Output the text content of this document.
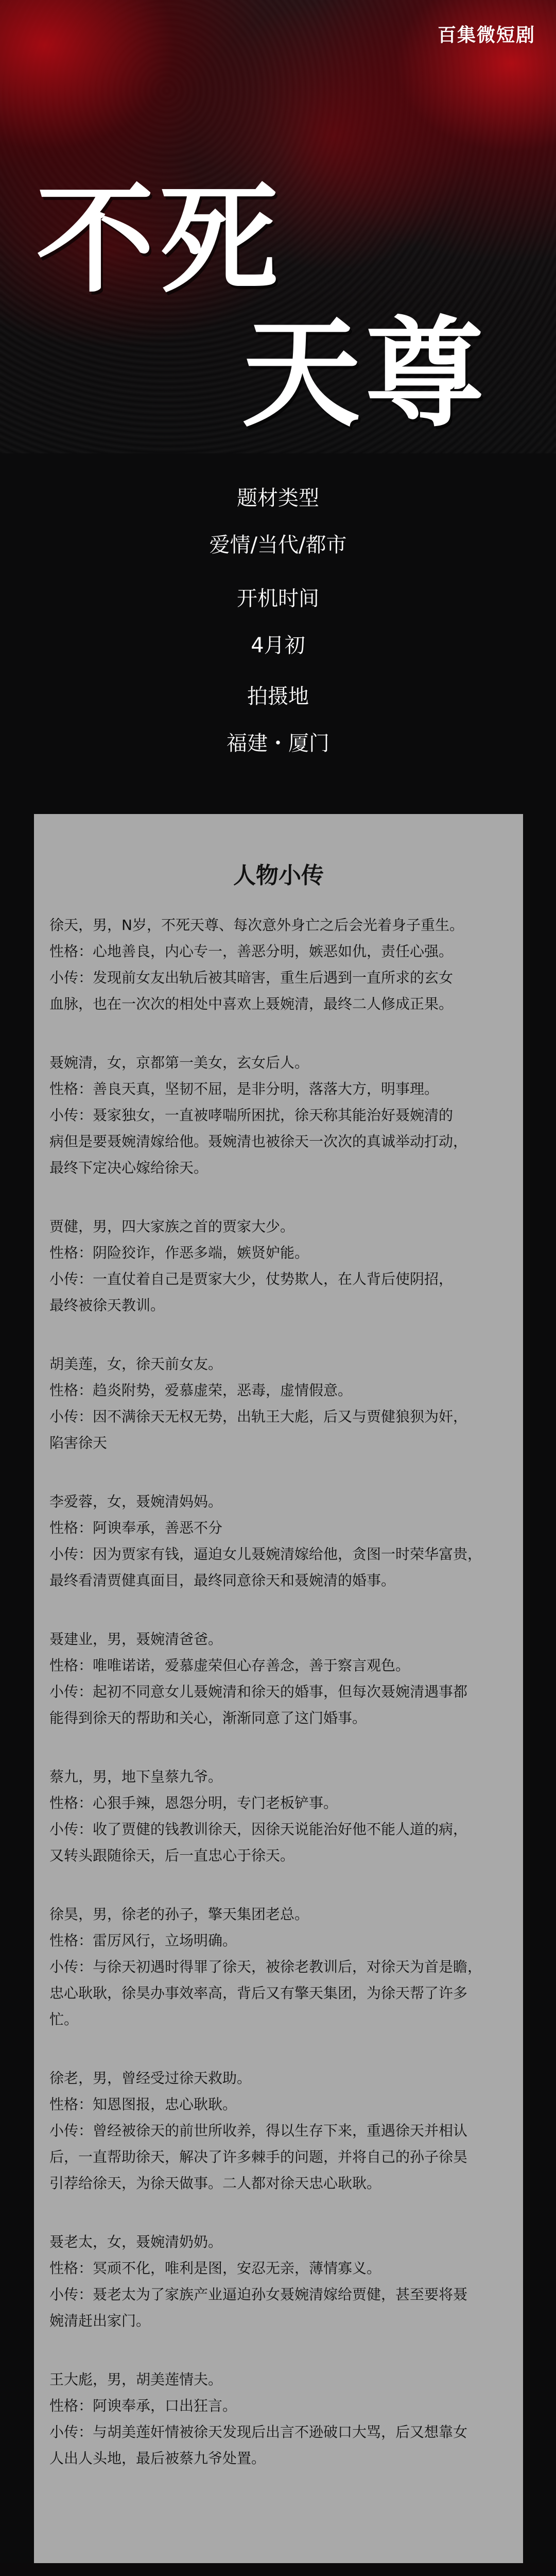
百集微短剧
不死
天尊
题材类型
爱情/当代/都市
开机时间
4月初
拍摄地
福建・厦门
人物小传
徐天，男，N岁，不死天尊、每次意外身亡之后会光着身子重生。
性格：心地善良，内心专一，善恶分明，嫉恶如仇，责任心强。
小传：发现前女友出轨后被其暗害，重生后遇到一直所求的玄女
血脉，也在一次次的相处中喜欢上聂婉清，最终二人修成正果。
聂婉清，女，京都第一美女，玄女后人。
性格：善良天真，坚韧不屈，是非分明，落落大方，明事理。
小传：聂家独女，一直被哮喘所困扰，徐天称其能治好聂婉清的
病但是要聂婉清嫁给他。聂婉清也被徐天一次次的真诚举动打动，
最终下定决心嫁给徐天。
贾健，男，四大家族之首的贾家大少。
性格：阴险狡诈，作恶多端，嫉贤妒能。
小传：一直仗着自己是贾家大少，仗势欺人，在人背后使阴招，
最终被徐天教训。
胡美莲，女，徐天前女友。
性格：趋炎附势，爱慕虚荣，恶毒，虚情假意。
小传：因不满徐天无权无势，出轨王大彪，后又与贾健狼狈为奸，
陷害徐天
李爱蓉，女，聂婉清妈妈。
性格：阿谀奉承，善恶不分
小传：因为贾家有钱，逼迫女儿聂婉清嫁给他，贪图一时荣华富贵，
最终看清贾健真面目，最终同意徐天和聂婉清的婚事。
聂建业，男，聂婉清爸爸。
性格：唯唯诺诺，爱慕虚荣但心存善念，善于察言观色。
小传：起初不同意女儿聂婉清和徐天的婚事，但每次聂婉清遇事都
能得到徐天的帮助和关心，渐渐同意了这门婚事。
蔡九，男，地下皇蔡九爷。
性格：心狠手辣，恩怨分明，专门老板铲事。
小传：收了贾健的钱教训徐天，因徐天说能治好他不能人道的病，
又转头跟随徐天，后一直忠心于徐天。
徐昊，男，徐老的孙子，擎天集团老总。
性格：雷厉风行，立场明确。
小传：与徐天初遇时得罪了徐天，被徐老教训后，对徐天为首是瞻，
忠心耿耿，徐昊办事效率高，背后又有擎天集团，为徐天帮了许多
忙。
徐老，男，曾经受过徐天救助。
性格：知恩图报，忠心耿耿。
小传：曾经被徐天的前世所收养，得以生存下来，重遇徐天并相认
后，一直帮助徐天，解决了许多棘手的问题，并将自己的孙子徐昊
引荐给徐天，为徐天做事。二人都对徐天忠心耿耿。
聂老太，女，聂婉清奶奶。
性格：冥顽不化，唯利是图，安忍无亲，薄情寡义。
小传：聂老太为了家族产业逼迫孙女聂婉清嫁给贾健，甚至要将聂
婉清赶出家门。
王大彪，男，胡美莲情夫。
性格：阿谀奉承，口出狂言。
小传：与胡美莲奸情被徐天发现后出言不逊破口大骂，后又想靠女
人出人头地，最后被蔡九爷处置。
